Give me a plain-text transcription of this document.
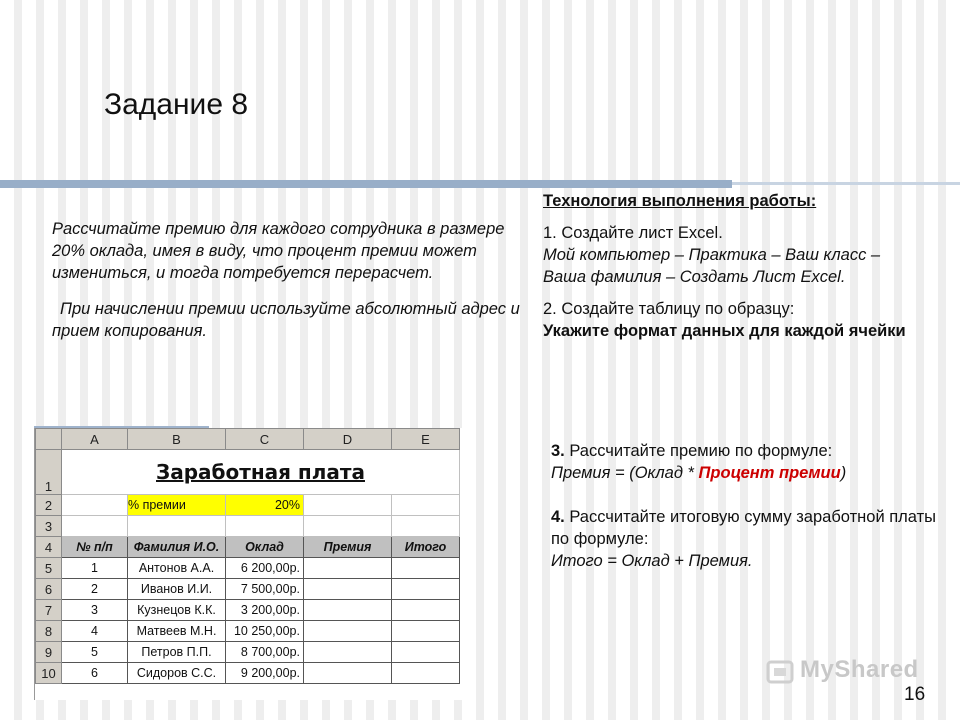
Задание 8

Рассчитайте премию для каждого сотрудника в размере 20% оклада, имея в виду, что процент премии может измениться, и тогда потребуется перерасчет.

При начислении премии используйте абсолютный адрес и прием копирования.

Технология выполнения работы:

1. Создайте лист Excel.

Мой компьютер – Практика – Ваш класс – Ваша фамилия – Создать Лист Excel.

2. Создайте таблицу по образцу:

Укажите формат данных для каждой ячейки

3. Рассчитайте премию по формуле:

Премия = (Оклад * Процент премии)

4. Рассчитайте итоговую сумму заработной платы по формуле:

Итого = Оклад + Премия.

	A	B	C	D	E
1	Заработная плата				
2		% премии	20%		
3					
4	№ п/п	Фамилия И.О.	Оклад	Премия	Итого
5	1	Антонов А.А.	6 200,00р.		
6	2	Иванов И.И.	7 500,00р.		
7	3	Кузнецов К.К.	3 200,00р.		
8	4	Матвеев М.Н.	10 250,00р.		
9	5	Петров П.П.	8 700,00р.		
10	6	Сидоров С.С.	9 200,00р.			MyShared
16
